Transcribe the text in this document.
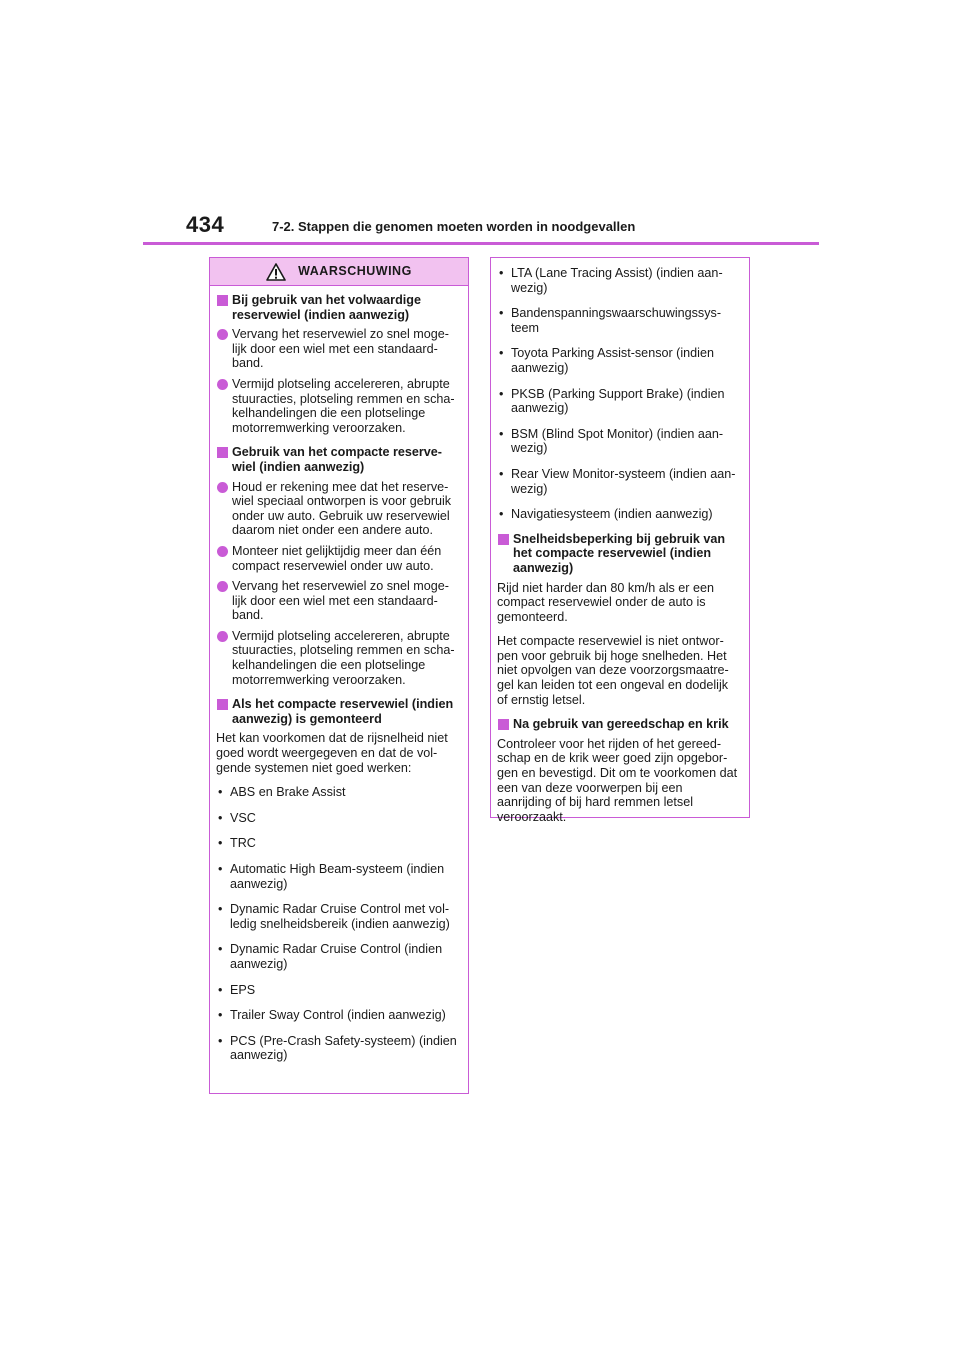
434	7-2. Stappen die genomen moeten worden in noodgevallen
WAARSCHUWING
Bij gebruik van het volwaardige reservewiel (indien aanwezig)
Vervang het reservewiel zo snel moge-lijk door een wiel met een standaard-band.
Vermijd plotseling accelereren, abrupte stuuracties, plotseling remmen en scha-kelhandelingen die een plotselinge motorremwerking veroorzaken.
Gebruik van het compacte reserve-wiel (indien aanwezig)
Houd er rekening mee dat het reserve-wiel speciaal ontworpen is voor gebruik onder uw auto. Gebruik uw reservewiel daarom niet onder een andere auto.
Monteer niet gelijktijdig meer dan één compact reservewiel onder uw auto.
Vervang het reservewiel zo snel moge-lijk door een wiel met een standaard-band.
Vermijd plotseling accelereren, abrupte stuuracties, plotseling remmen en scha-kelhandelingen die een plotselinge motorremwerking veroorzaken.
Als het compacte reservewiel (indien aanwezig) is gemonteerd
Het kan voorkomen dat de rijsnelheid niet goed wordt weergegeven en dat de vol-gende systemen niet goed werken:
• ABS en Brake Assist
• VSC
• TRC
• Automatic High Beam-systeem (indien aanwezig)
• Dynamic Radar Cruise Control met vol-ledig snelheidsbereik (indien aanwezig)
• Dynamic Radar Cruise Control (indien aanwezig)
• EPS
• Trailer Sway Control (indien aanwezig)
• PCS (Pre-Crash Safety-systeem) (indien aanwezig)
• LTA (Lane Tracing Assist) (indien aan-wezig)
• Bandenspanningswaarschuwingssys-teem
• Toyota Parking Assist-sensor (indien aanwezig)
• PKSB (Parking Support Brake) (indien aanwezig)
• BSM (Blind Spot Monitor) (indien aan-wezig)
• Rear View Monitor-systeem (indien aan-wezig)
• Navigatiesysteem (indien aanwezig)
Snelheidsbeperking bij gebruik van het compacte reservewiel (indien aanwezig)
Rijd niet harder dan 80 km/h als er een compact reservewiel onder de auto is gemonteerd.
Het compacte reservewiel is niet ontwor-pen voor gebruik bij hoge snelheden. Het niet opvolgen van deze voorzorgsmaatre-gel kan leiden tot een ongeval en dodelijk of ernstig letsel.
Na gebruik van gereedschap en krik
Controleer voor het rijden of het gereed-schap en de krik weer goed zijn opgebor-gen en bevestigd. Dit om te voorkomen dat een van deze voorwerpen bij een aanrijding of bij hard remmen letsel veroorzaakt.
